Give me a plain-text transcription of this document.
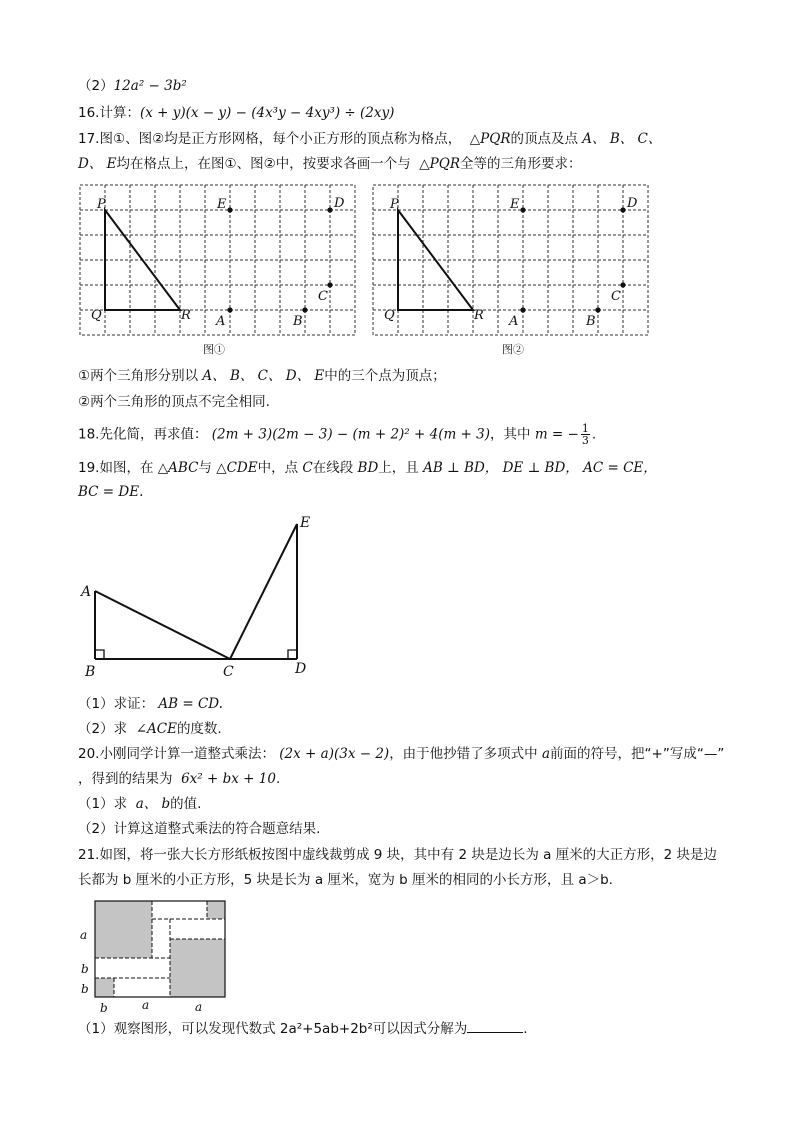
（2）12a² − 3b²
16.计算：(x + y)(x − y) − (4x³y − 4xy³) ÷ (2xy)
17.图①、图②均是正方形网格，每个小正方形的顶点称为格点， △PQR的顶点及点 A、 B、 C、
D、 E均在格点上，在图①、图②中，按要求各画一个与 △PQR全等的三角形要求：
P
Q	R
E	D
C
A	B
图①
P
Q	R
E	D
C
A	B
图②
①两个三角形分别以 A、 B、 C、 D、 E中的三个点为顶点；
②两个三角形的顶点不完全相同.
18.先化简，再求值： (2m + 3)(2m − 3) − (m + 2)² + 4(m + 3)，其中 m = − $\frac{1}{3}$ .
19.如图，在 △ABC与 △CDE中，点 C在线段 BD上，且 AB ⊥ BD， DE ⊥ BD， AC = CE，
BC = DE.
A
B	C	D
E
（1）求证： AB = CD.
（2）求 ∠ACE的度数.
20.小刚同学计算一道整式乘法： (2x + a)(3x − 2)，由于他抄错了多项式中 a前面的符号，把“+”写成“—”
，得到的结果为 6x² + bx + 10.
（1）求 a、 b的值.
（2）计算这道整式乘法的符合题意结果.
21.如图，将一张大长方形纸板按图中虚线裁剪成 9 块，其中有 2 块是边长为 a 厘米的大正方形，2 块是边
长都为 b 厘米的小正方形，5 块是长为 a 厘米，宽为 b 厘米的相同的小长方形，且 a＞b.
a
b
b
b	a	a
（1）观察图形，可以发现代数式 2a²+5ab+2b²可以因式分解为	.
